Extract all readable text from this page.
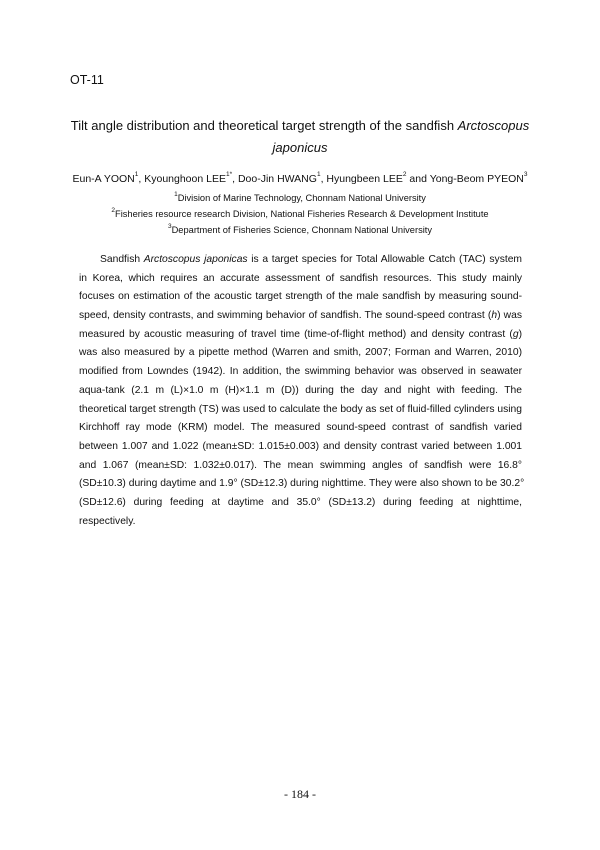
OT-11
Tilt angle distribution and theoretical target strength of the sandfish Arctoscopus
japonicus
Eun-A YOON$^1$, Kyounghoon $LEE^{1*}$, Doo-Jin HWANG$^1$, Hyungbeen LEE$^2$ and Yong-Beom PYEON$^3$
$^1$Division of Marine Technology, Chonnam National University
$^2$Fisheries resource research Division, National Fisheries Research & Development Institute
$^3$Department of Fisheries Science, Chonnam National University
Sandfish Arctoscopus japonicas is a target species for Total Allowable Catch (TAC) system
in Korea, which requires an accurate assessment of sandfish resources. This study mainly
focuses on estimation of the acoustic target strength of the male sandfish by measuring sound-
speed, density contrasts, and swimming behavior of sandfish. The sound-speed contrast (h) was
measured by acoustic measuring of travel time (time-of-flight method) and density contrast (g)
was also measured by a pipette method (Warren and smith, 2007; Forman and Warren, 2010)
modified from Lowndes (1942). In addition, the swimming behavior was observed in seawater
aqua-tank (2.1 m (L)×1.0 m (H)×1.1 m (D)) during the day and night with feeding. The
theoretical target strength (TS) was used to calculate the body as set of fluid-filled cylinders using
Kirchhoff ray mode (KRM) model. The measured sound-speed contrast of sandfish varied
between 1.007 and 1.022 (mean±SD: 1.015±0.003) and density contrast varied between 1.001
and 1.067 (mean±SD: 1.032±0.017). The mean swimming angles of sandfish were 16.8°
(SD±10.3) during daytime and 1.9° (SD±12.3) during nighttime. They were also shown to be 30.2°
(SD±12.6) during feeding at daytime and 35.0° (SD±13.2) during feeding at nighttime,
respectively.
- 184 -
